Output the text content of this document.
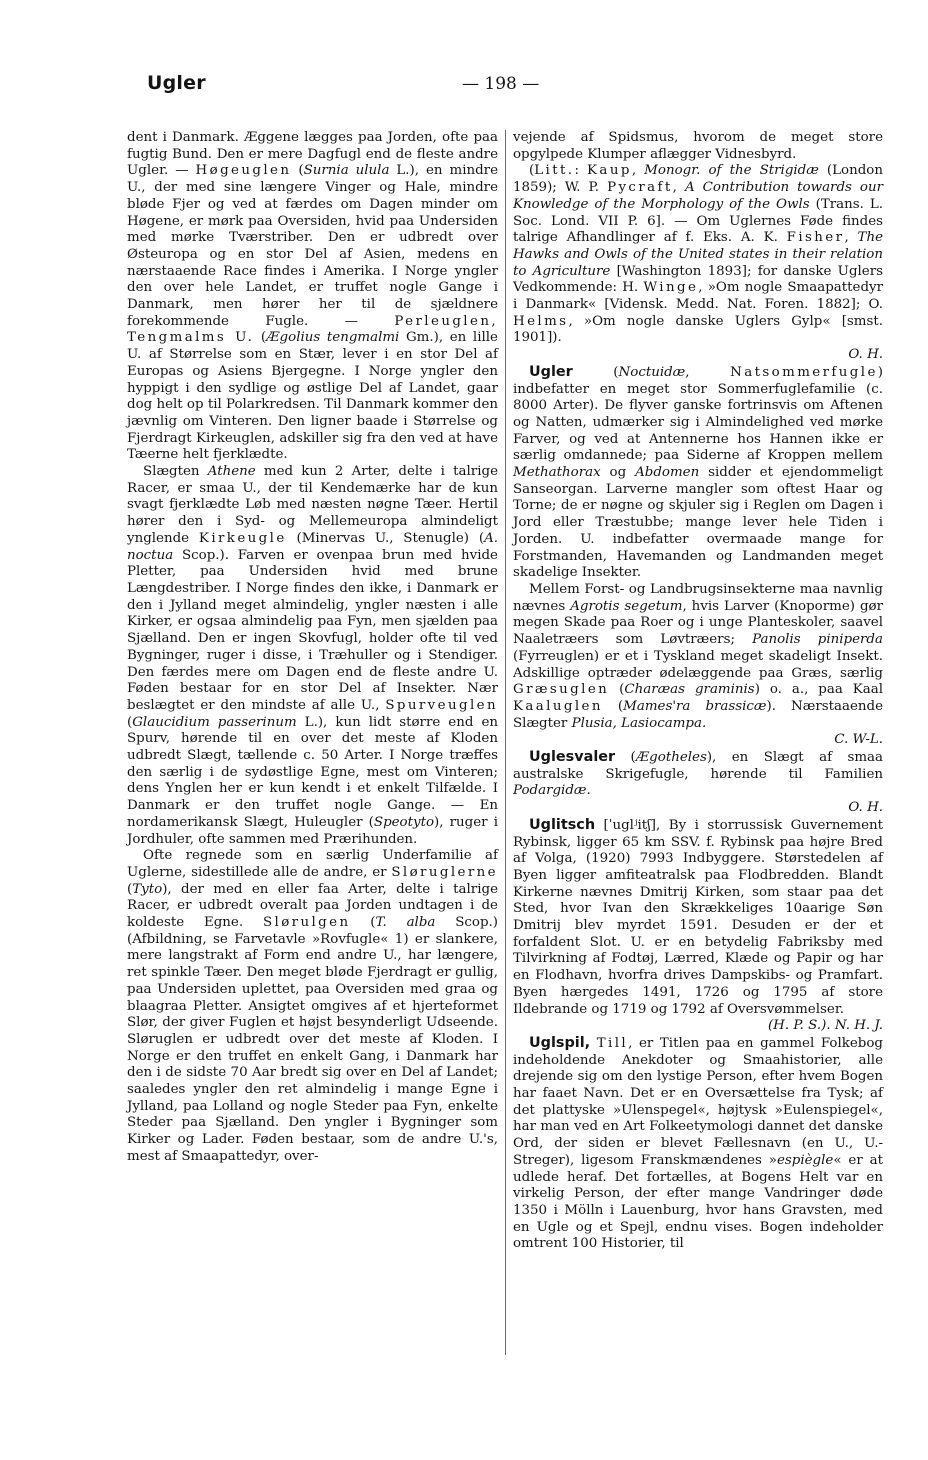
Ugler	— 198 —

dent i Danmark. Æggene lægges paa Jorden, ofte paa fugtig Bund. Den er mere Dagfugl end de fleste andre Ugler. — Høgeuglen (Surnia ulula L.), en mindre U., der med sine længere Vinger og Hale, mindre bløde Fjer og ved at færdes om Dagen minder om Høgene, er mørk paa Oversiden, hvid paa Undersiden med mørke Tværstriber. Den er udbredt over Østeuropa og en stor Del af Asien, medens en nærstaaende Race findes i Amerika. I Norge yngler den over hele Landet, er truffet nogle Gange i Danmark, men hører her til de sjældnere forekommende Fugle. — Perleuglen, Tengmalms U. (Ægolius tengmalmi Gm.), en lille U. af Størrelse som en Stær, lever i en stor Del af Europas og Asiens Bjergegne. I Norge yngler den hyppigt i den sydlige og østlige Del af Landet, gaar dog helt op til Polarkredsen. Til Danmark kommer den jævnlig om Vinteren. Den ligner baade i Størrelse og Fjerdragt Kirkeuglen, adskiller sig fra den ved at have Tæerne helt fjerklædte.

Slægten Athene med kun 2 Arter, delte i talrige Racer, er smaa U., der til Kendemærke har de kun svagt fjerklædte Løb med næsten nøgne Tæer. Hertil hører den i Syd- og Mellemeuropa almindeligt ynglende Kirkeugle (Minervas U., Stenugle) (A. noctua Scop.). Farven er ovenpaa brun med hvide Pletter, paa Undersiden hvid med brune Længdestriber. I Norge findes den ikke, i Danmark er den i Jylland meget almindelig, yngler næsten i alle Kirker, er ogsaa almindelig paa Fyn, men sjælden paa Sjælland. Den er ingen Skovfugl, holder ofte til ved Bygninger, ruger i disse, i Træhuller og i Stendiger. Den færdes mere om Dagen end de fleste andre U. Føden bestaar for en stor Del af Insekter. Nær beslægtet er den mindste af alle U., Spurveuglen (Glaucidium passerinum L.), kun lidt større end en Spurv, hørende til en over det meste af Kloden udbredt Slægt, tællende c. 50 Arter. I Norge træffes den særlig i de sydøstlige Egne, mest om Vinteren; dens Ynglen her er kun kendt i et enkelt Tilfælde. I Danmark er den truffet nogle Gange. — En nordamerikansk Slægt, Huleugler (Speotyto), ruger i Jordhuler, ofte sammen med Prærihunden.

Ofte regnede som en særlig Underfamilie af Uglerne, sidestillede alle de andre, er Sløruglerne (Tyto), der med en eller faa Arter, delte i talrige Racer, er udbredt overalt paa Jorden undtagen i de koldeste Egne. Slørulgen (T. alba Scop.) (Afbildning, se Farvetavle »Rovfugle« 1) er slankere, mere langstrakt af Form end andre U., har længere, ret spinkle Tæer. Den meget bløde Fjerdragt er gullig, paa Undersiden uplettet, paa Oversiden med graa og blaagraa Pletter. Ansigtet omgives af et hjerteformet Slør, der giver Fuglen et højst besynderligt Udseende. Sløruglen er udbredt over det meste af Kloden. I Norge er den truffet en enkelt Gang, i Danmark har den i de sidste 70 Aar bredt sig over en Del af Landet; saaledes yngler den ret almindelig i mange Egne i Jylland, paa Lolland og nogle Steder paa Fyn, enkelte Steder paa Sjælland. Den yngler i Bygninger som Kirker og Lader. Føden bestaar, som de andre U.'s, mest af Smaapattedyr, over-

vejende af Spidsmus, hvorom de meget store opgylpede Klumper aflægger Vidnesbyrd.

(Litt.: Kaup, Monogr. of the Strigidæ (London 1859); W. P. Pycraft, A Contribution towards our Knowledge of the Morphology of the Owls (Trans. L. Soc. Lond. VII P. 6]. — Om Uglernes Føde findes talrige Afhandlinger af f. Eks. A. K. Fisher, The Hawks and Owls of the United states in their relation to Agriculture [Washington 1893]; for danske Uglers Vedkommende: H. Winge, »Om nogle Smaapattedyr i Danmark« [Vidensk. Medd. Nat. Foren. 1882]; O. Helms, »Om nogle danske Uglers Gylp« [smst. 1901]).
O. H.

Ugler (Noctuidæ, Natsommerfugle) indbefatter en meget stor Sommerfuglefamilie (c. 8000 Arter). De flyver ganske fortrinsvis om Aftenen og Natten, udmærker sig i Almindelighed ved mørke Farver, og ved at Antennerne hos Hannen ikke er særlig omdannede; paa Siderne af Kroppen mellem Methathorax og Abdomen sidder et ejendommeligt Sanseorgan. Larverne mangler som oftest Haar og Torne; de er nøgne og skjuler sig i Reglen om Dagen i Jord eller Træstubbe; mange lever hele Tiden i Jorden. U. indbefatter overmaade mange for Forstmanden, Havemanden og Landmanden meget skadelige Insekter.

Mellem Forst- og Landbrugsinsekterne maa navnlig nævnes Agrotis segetum, hvis Larver (Knoporme) gør megen Skade paa Roer og i unge Planteskoler, saavel Naaletræers som Løvtræers; Panolis piniperda (Fyrreuglen) er et i Tyskland meget skadeligt Insekt. Adskillige optræder ødelæggende paa Græs, særlig Græsuglen (Charæas graminis) o. a., paa Kaal Kaaluglen (Mames'ra brassicæ). Nærstaaende Slægter Plusia, Lasiocampa.
C. W-L.

Uglesvaler (Ægotheles), en Slægt af smaa australske Skrigefugle, hørende til Familien Podargidæ.
O. H.

Uglitsch [ˈuglʲitʃ], By i storrussisk Guvernement Rybinsk, ligger 65 km SSV. f. Rybinsk paa højre Bred af Volga, (1920) 7993 Indbyggere. Størstedelen af Byen ligger amfiteatralsk paa Flodbredden. Blandt Kirkerne nævnes Dmitrij Kirken, som staar paa det Sted, hvor Ivan den Skrækkeliges 10aarige Søn Dmitrij blev myrdet 1591. Desuden er der et forfaldent Slot. U. er en betydelig Fabriksby med Tilvirkning af Fodtøj, Lærred, Klæde og Papir og har en Flodhavn, hvorfra drives Dampskibs- og Pramfart. Byen hærgedes 1491, 1726 og 1795 af store Ildebrande og 1719 og 1792 af Oversvømmelser.
(H. P. S.). N. H. J.

Uglspil, Till, er Titlen paa en gammel Folkebog indeholdende Anekdoter og Smaahistorier, alle drejende sig om den lystige Person, efter hvem Bogen har faaet Navn. Det er en Oversættelse fra Tysk; af det plattyske »Ulenspegel«, højtysk »Eulenspiegel«, har man ved en Art Folkeetymologi dannet det danske Ord, der siden er blevet Fællesnavn (en U., U.-Streger), ligesom Franskmændenes »espiègle« er at udlede heraf. Det fortælles, at Bogens Helt var en virkelig Person, der efter mange Vandringer døde 1350 i Mölln i Lauenburg, hvor hans Gravsten, med en Ugle og et Spejl, endnu vises. Bogen indeholder omtrent 100 Historier, til
